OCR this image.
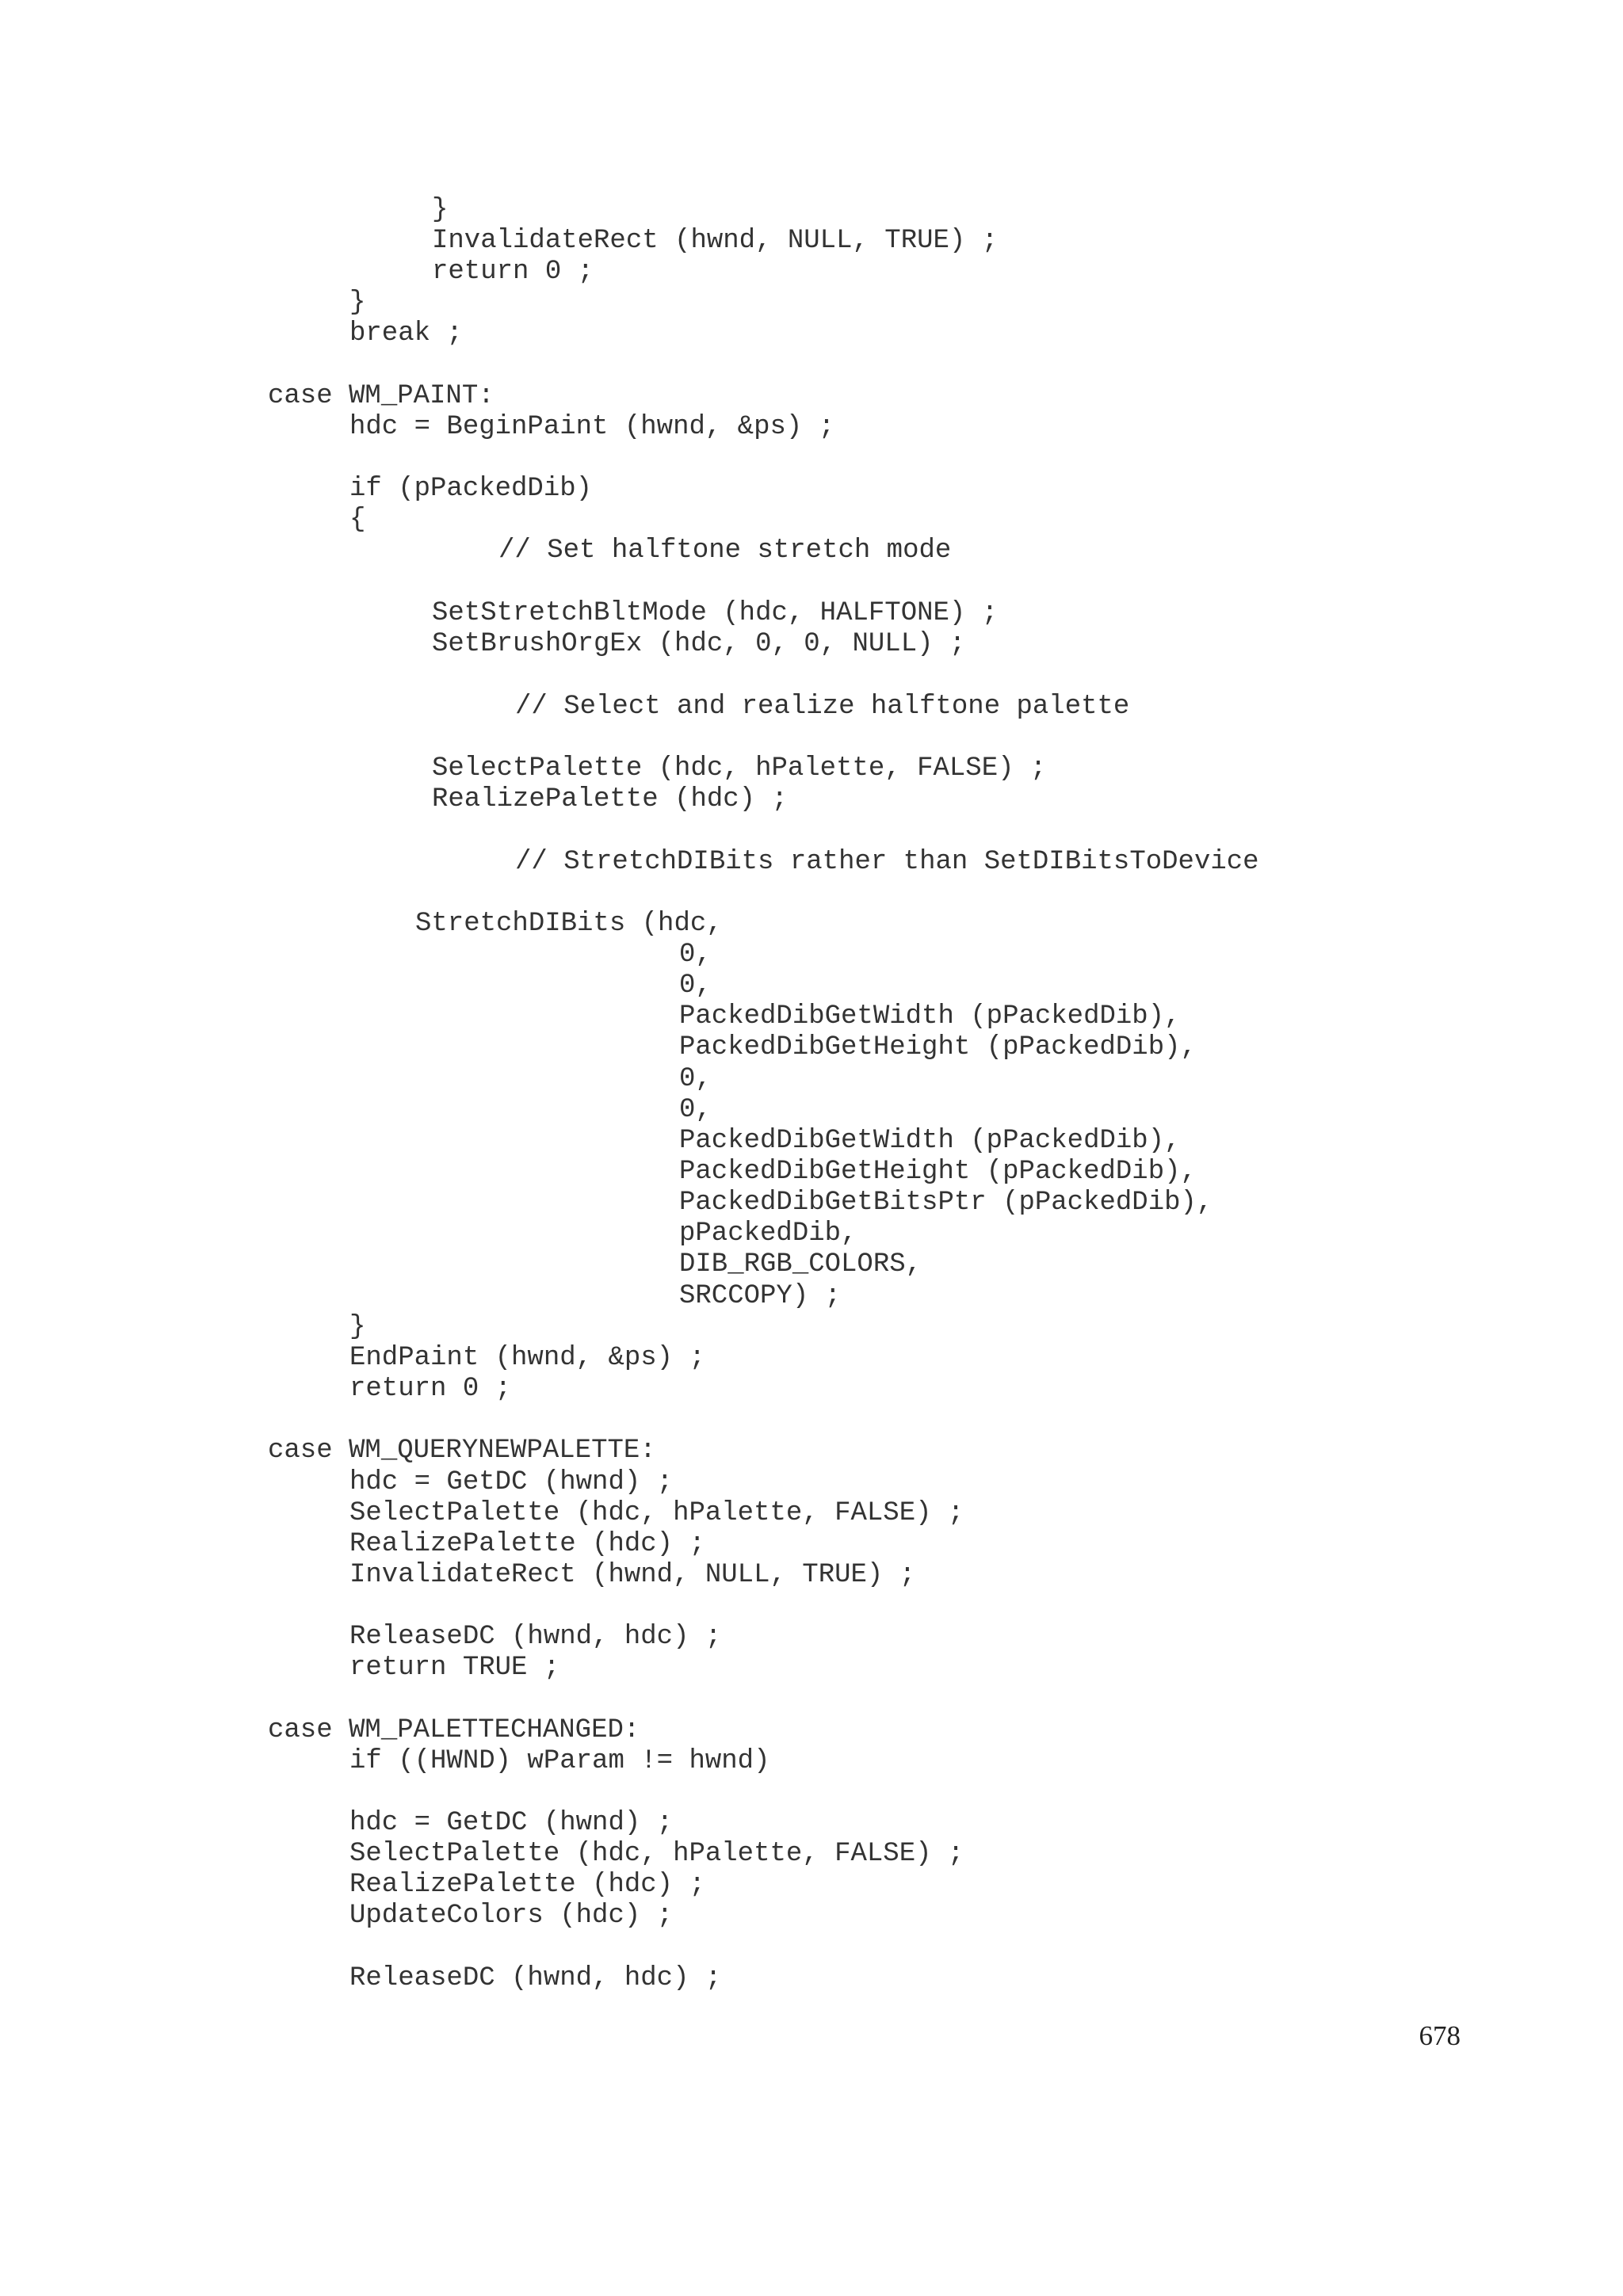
}
InvalidateRect (hwnd, NULL, TRUE) ;
return 0 ;
}
break ;
case WM_PAINT:
hdc = BeginPaint (hwnd, &ps) ;
if (pPackedDib)
{
// Set halftone stretch mode
SetStretchBltMode (hdc, HALFTONE) ;
SetBrushOrgEx (hdc, 0, 0, NULL) ;
// Select and realize halftone palette
SelectPalette (hdc, hPalette, FALSE) ;
RealizePalette (hdc) ;
// StretchDIBits rather than SetDIBitsToDevice
StretchDIBits (hdc,
0,
0,
PackedDibGetWidth (pPackedDib),
PackedDibGetHeight (pPackedDib),
0,
0,
PackedDibGetWidth (pPackedDib),
PackedDibGetHeight (pPackedDib),
PackedDibGetBitsPtr (pPackedDib),
pPackedDib,
DIB_RGB_COLORS,
SRCCOPY) ;
}
EndPaint (hwnd, &ps) ;
return 0 ;
case WM_QUERYNEWPALETTE:
hdc = GetDC (hwnd) ;
SelectPalette (hdc, hPalette, FALSE) ;
RealizePalette (hdc) ;
InvalidateRect (hwnd, NULL, TRUE) ;
ReleaseDC (hwnd, hdc) ;
return TRUE ;
case WM_PALETTECHANGED:
if ((HWND) wParam != hwnd)
hdc = GetDC (hwnd) ;
SelectPalette (hdc, hPalette, FALSE) ;
RealizePalette (hdc) ;
UpdateColors (hdc) ;
ReleaseDC (hwnd, hdc) ;
678
